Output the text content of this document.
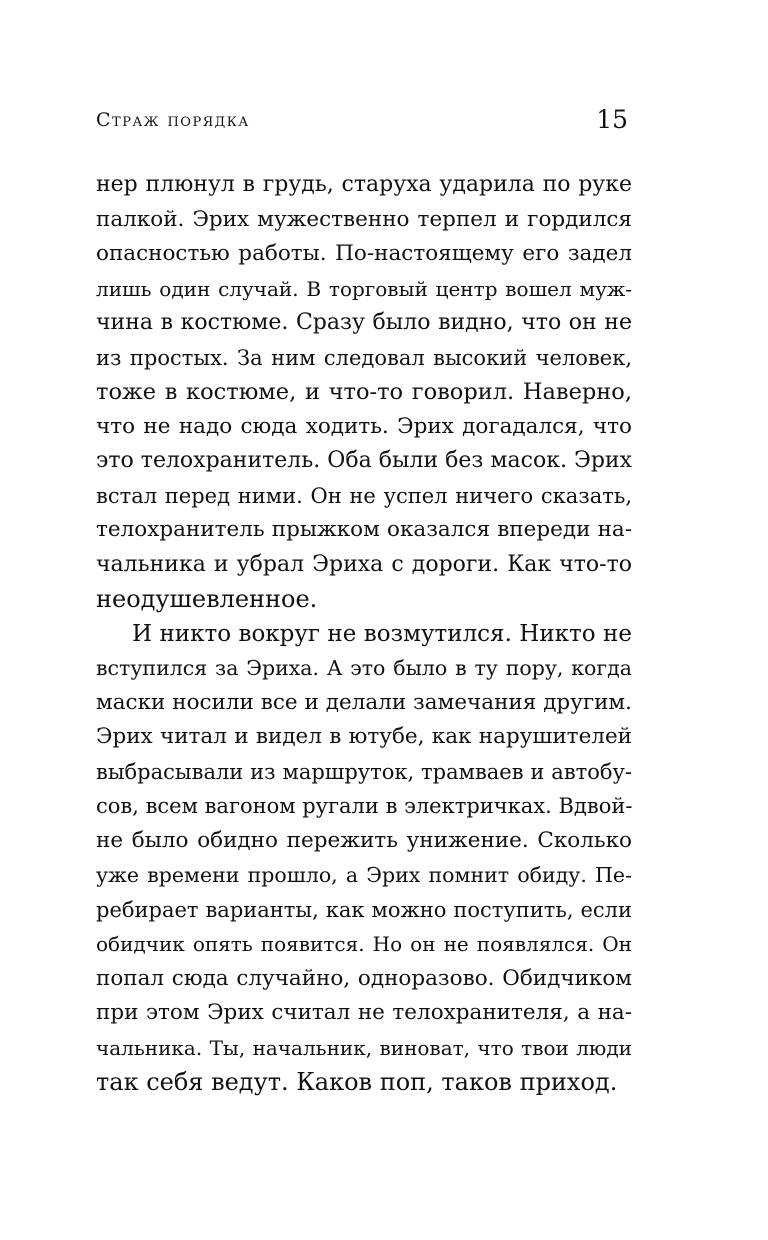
Страж порядка	15
нер плюнул в грудь, старуха ударила по руке
палкой. Эрих мужественно терпел и гордился
опасностью работы. По-настоящему его задел
лишь один случай. В торговый центр вошел муж-
чина в костюме. Сразу было видно, что он не
из простых. За ним следовал высокий человек,
тоже в костюме, и что-то говорил. Наверно,
что не надо сюда ходить. Эрих догадался, что
это телохранитель. Оба были без масок. Эрих
встал перед ними. Он не успел ничего сказать,
телохранитель прыжком оказался впереди на-
чальника и убрал Эриха с дороги. Как что-то
неодушевленное.
И никто вокруг не возмутился. Никто не
вступился за Эриха. А это было в ту пору, когда
маски носили все и делали замечания другим.
Эрих читал и видел в ютубе, как нарушителей
выбрасывали из маршруток, трамваев и автобу-
сов, всем вагоном ругали в электричках. Вдвой-
не было обидно пережить унижение. Сколько
уже времени прошло, а Эрих помнит обиду. Пе-
ребирает варианты, как можно поступить, если
обидчик опять появится. Но он не появлялся. Он
попал сюда случайно, одноразово. Обидчиком
при этом Эрих считал не телохранителя, а на-
чальника. Ты, начальник, виноват, что твои люди
так себя ведут. Каков поп, таков приход.
